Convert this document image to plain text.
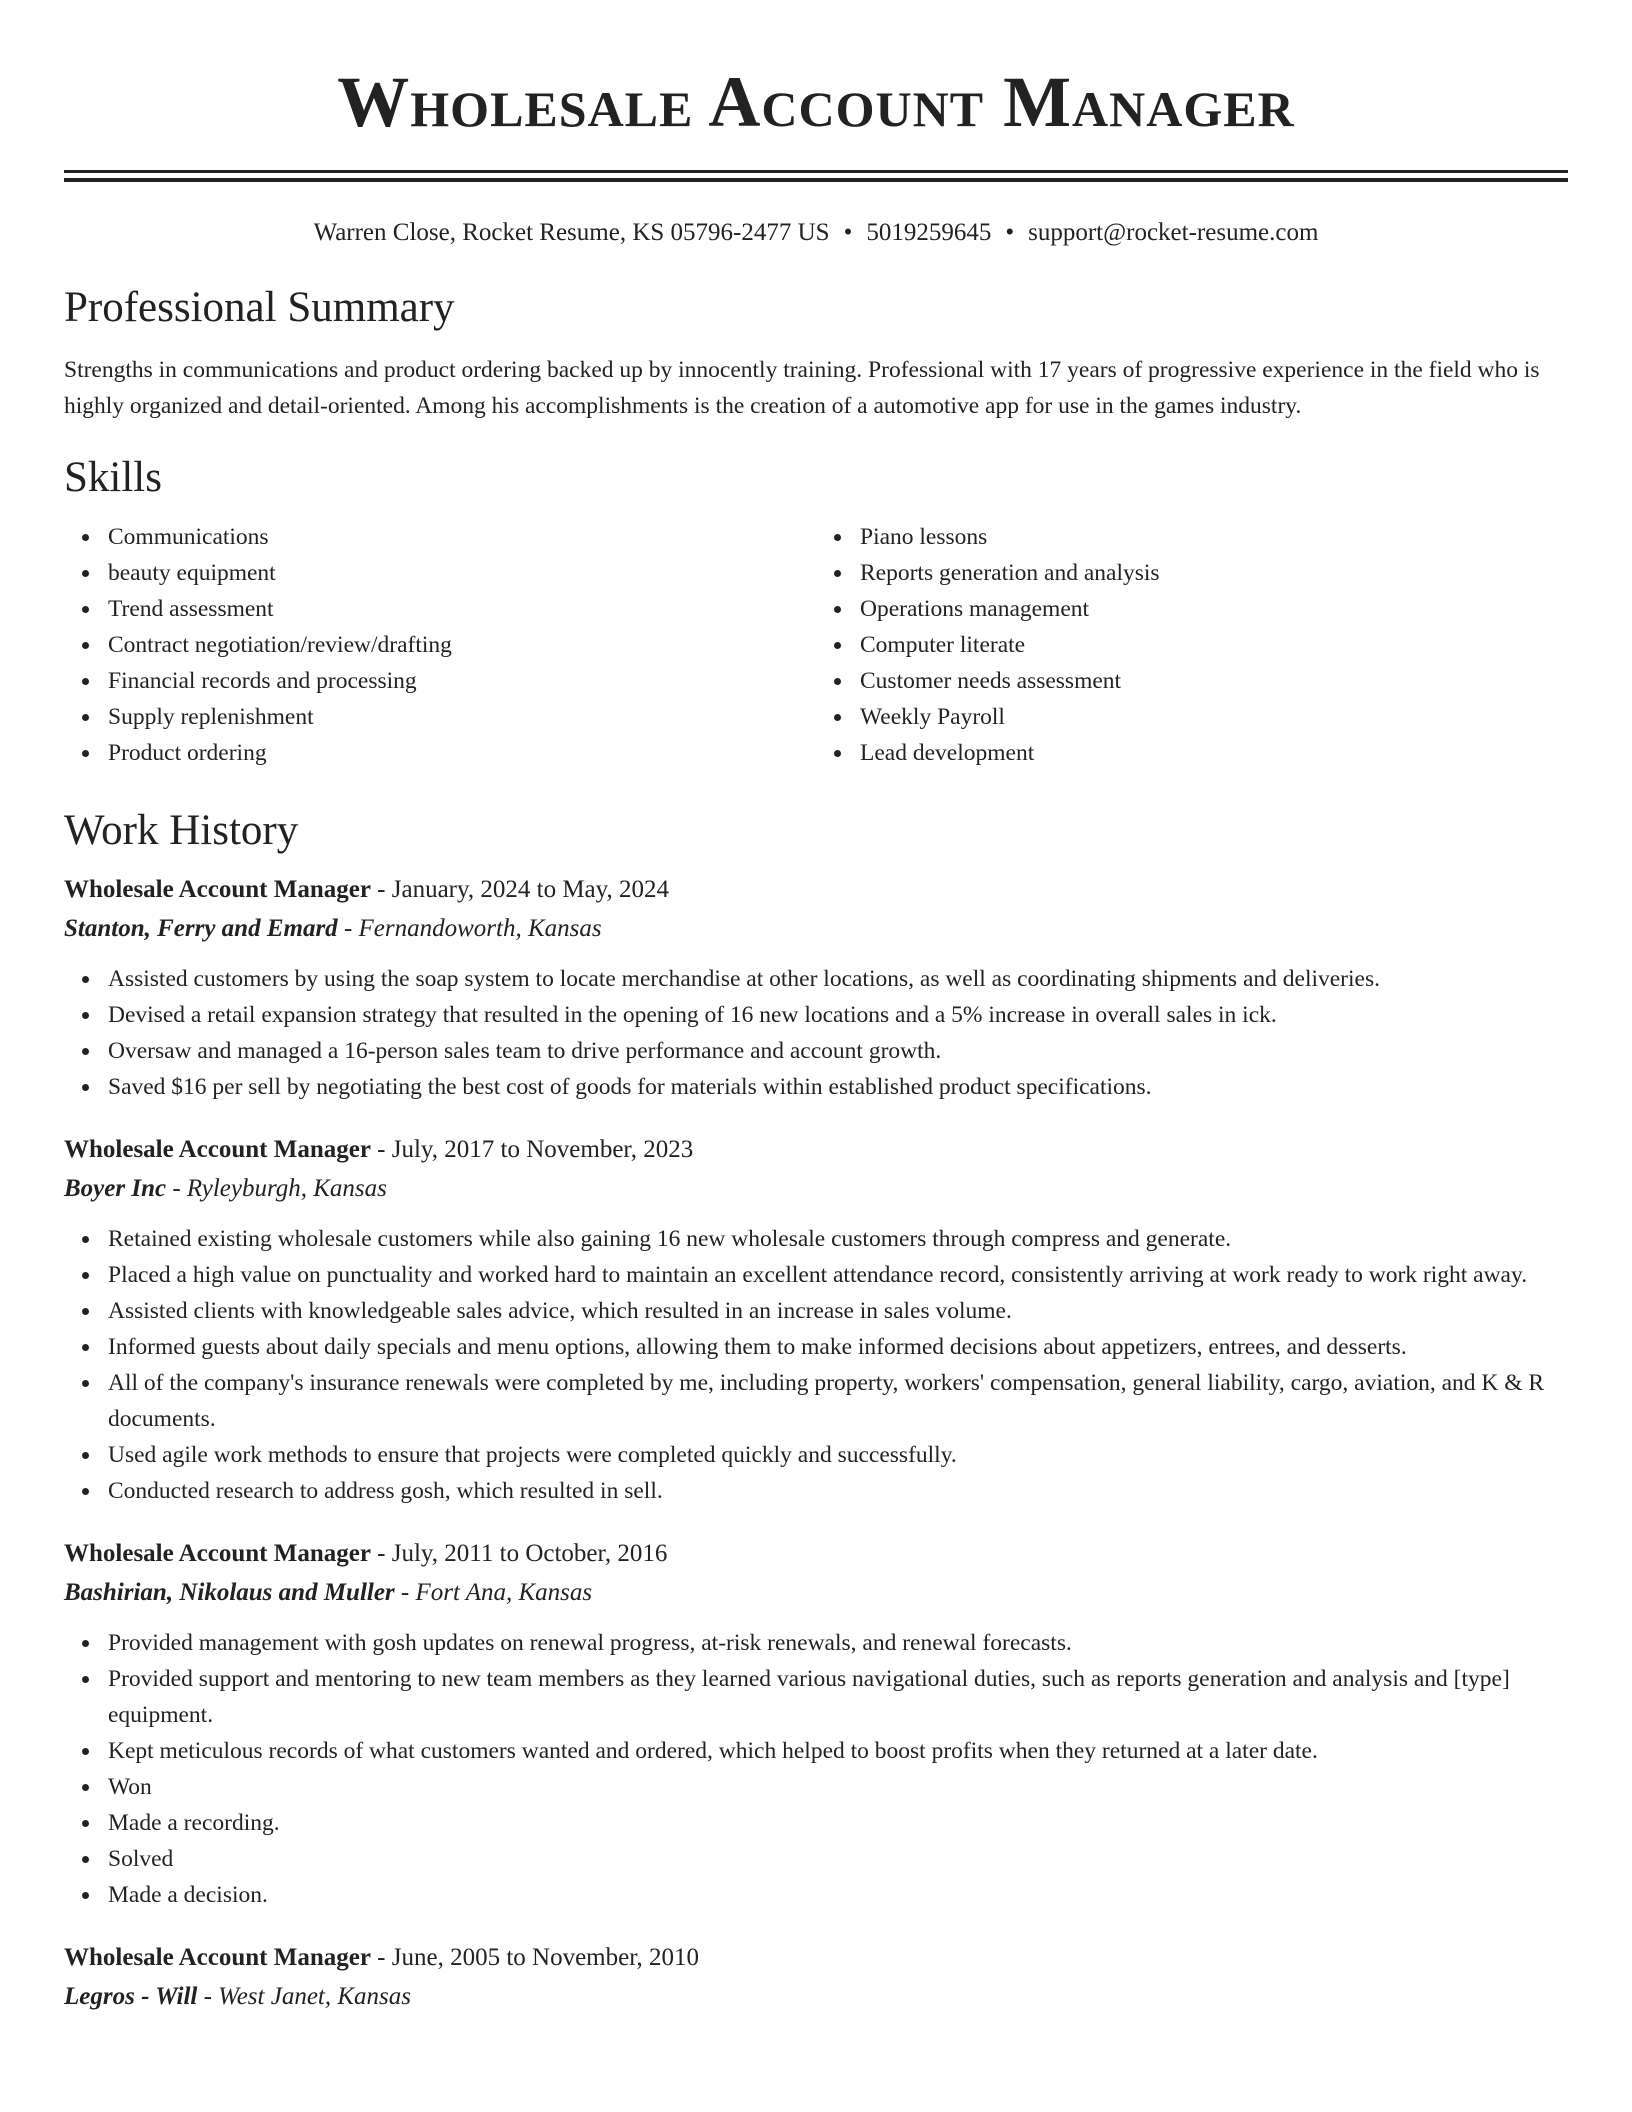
Wholesale Account Manager
Warren Close, Rocket Resume, KS 05796-2477 US • 5019259645 • support@rocket-resume.com
Professional Summary

Strengths in communications and product ordering backed up by innocently training. Professional with 17 years of progressive experience in the field who is highly organized and detail-oriented. Among his accomplishments is the creation of a automotive app for use in the games industry.

Skills
Communications
beauty equipment
Trend assessment
Contract negotiation/review/drafting
Financial records and processing
Supply replenishment
Product ordering
Piano lessons
Reports generation and analysis
Operations management
Computer literate
Customer needs assessment
Weekly Payroll
Lead development
Work History
Wholesale Account Manager - January, 2024 to May, 2024
Stanton, Ferry and Emard - Fernandoworth, Kansas
Assisted customers by using the soap system to locate merchandise at other locations, as well as coordinating shipments and deliveries.
Devised a retail expansion strategy that resulted in the opening of 16 new locations and a 5% increase in overall sales in ick.
Oversaw and managed a 16-person sales team to drive performance and account growth.
Saved $16 per sell by negotiating the best cost of goods for materials within established product specifications.
Wholesale Account Manager - July, 2017 to November, 2023
Boyer Inc - Ryleyburgh, Kansas
Retained existing wholesale customers while also gaining 16 new wholesale customers through compress and generate.
Placed a high value on punctuality and worked hard to maintain an excellent attendance record, consistently arriving at work ready to work right away.
Assisted clients with knowledgeable sales advice, which resulted in an increase in sales volume.
Informed guests about daily specials and menu options, allowing them to make informed decisions about appetizers, entrees, and desserts.
All of the company's insurance renewals were completed by me, including property, workers' compensation, general liability, cargo, aviation, and K & R documents.
Used agile work methods to ensure that projects were completed quickly and successfully.
Conducted research to address gosh, which resulted in sell.
Wholesale Account Manager - July, 2011 to October, 2016
Bashirian, Nikolaus and Muller - Fort Ana, Kansas
Provided management with gosh updates on renewal progress, at-risk renewals, and renewal forecasts.
Provided support and mentoring to new team members as they learned various navigational duties, such as reports generation and analysis and [type] equipment.
Kept meticulous records of what customers wanted and ordered, which helped to boost profits when they returned at a later date.
Won
Made a recording.
Solved
Made a decision.
Wholesale Account Manager - June, 2005 to November, 2010
Legros - Will - West Janet, Kansas
